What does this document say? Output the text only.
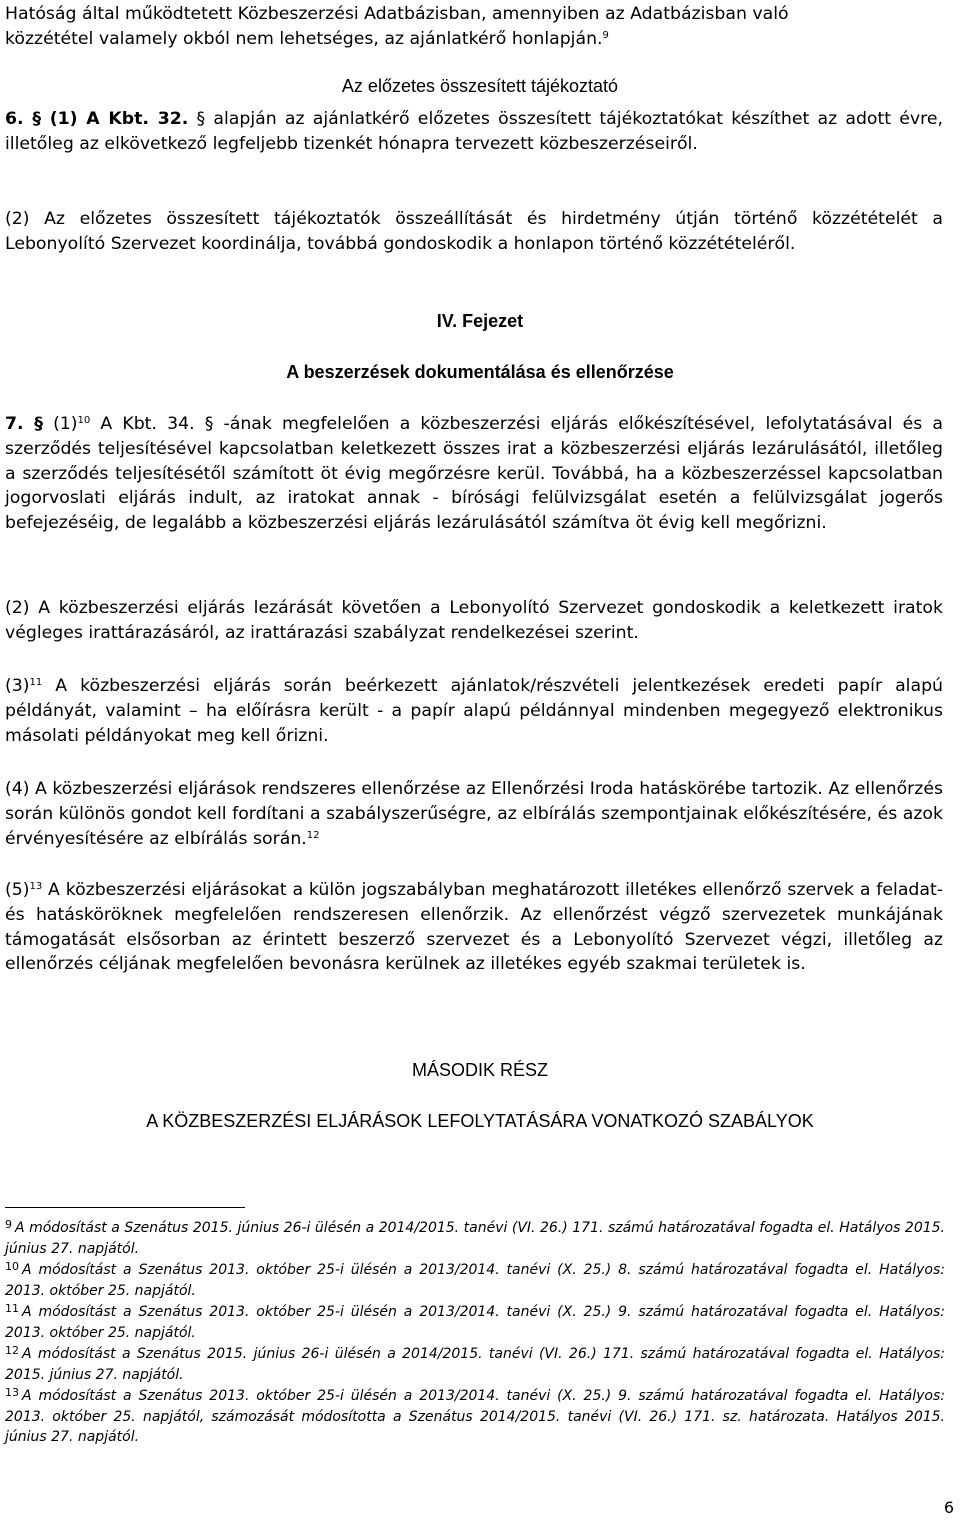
Hatóság által működtetett Közbeszerzési Adatbázisban, amennyiben az Adatbázisban való
közzététel valamely okból nem lehetséges, az ajánlatkérő honlapján.$^9$
Az előzetes összesített tájékoztató
6. § (1) A Kbt. 32. § alapján az ajánlatkérő előzetes összesített tájékoztatókat készíthet az adott évre, illetőleg az elkövetkező legfeljebb tizenkét hónapra tervezett közbeszerzéseiről.
(2) Az előzetes összesített tájékoztatók összeállítását és hirdetmény útján történő közzétételét a Lebonyolító Szervezet koordinálja, továbbá gondoskodik a honlapon történő közzétételéről.
IV. Fejezet
A beszerzések dokumentálása és ellenőrzése
7. § $(1)^{10}$ A Kbt. 34. § -ának megfelelően a közbeszerzési eljárás előkészítésével, lefolytatásával és a szerződés teljesítésével kapcsolatban keletkezett összes irat a közbeszerzési eljárás lezárulásától, illetőleg a szerződés teljesítésétől számított öt évig megőrzésre kerül. Továbbá, ha a közbeszerzéssel kapcsolatban jogorvoslati eljárás indult, az iratokat annak - bírósági felülvizsgálat esetén a felülvizsgálat jogerős befejezéséig, de legalább a közbeszerzési eljárás lezárulásától számítva öt évig kell megőrizni.
(2) A közbeszerzési eljárás lezárását követően a Lebonyolító Szervezet gondoskodik a keletkezett iratok végleges irattárazásáról, az irattárazási szabályzat rendelkezései szerint.
$(3)^{11}$ A közbeszerzési eljárás során beérkezett ajánlatok/részvételi jelentkezések eredeti papír alapú példányát, valamint – ha előírásra került - a papír alapú példánnyal mindenben megegyező elektronikus másolati példányokat meg kell őrizni.
(4) A közbeszerzési eljárások rendszeres ellenőrzése az Ellenőrzési Iroda hatáskörébe tartozik. Az ellenőrzés során különös gondot kell fordítani a szabályszerűségre, az elbírálás szempontjainak előkészítésére, és azok érvényesítésére az elbírálás során.$^{12}$
$(5)^{13}$ A közbeszerzési eljárásokat a külön jogszabályban meghatározott illetékes ellenőrző szervek a feladat- és hatásköröknek megfelelően rendszeresen ellenőrzik. Az ellenőrzést végző szervezetek munkájának támogatását elsősorban az érintett beszerző szervezet és a Lebonyolító Szervezet végzi, illetőleg az ellenőrzés céljának megfelelően bevonásra kerülnek az illetékes egyéb szakmai területek is.
MÁSODIK RÉSZ
A KÖZBESZERZÉSI ELJÁRÁSOK LEFOLYTATÁSÁRA VONATKOZÓ SZABÁLYOK
$^9$ A módosítást a Szenátus 2015. június 26-i ülésén a 2014/2015. tanévi (VI. 26.) 171. számú határozatával fogadta el. Hatályos 2015. június 27. napjától.
$^{10}$ A módosítást a Szenátus 2013. október 25-i ülésén a 2013/2014. tanévi (X. 25.) 8. számú határozatával fogadta el. Hatályos: 2013. október 25. napjától.
$^{11}$ A módosítást a Szenátus 2013. október 25-i ülésén a 2013/2014. tanévi (X. 25.) 9. számú határozatával fogadta el. Hatályos: 2013. október 25. napjától.
$^{12}$ A módosítást a Szenátus 2015. június 26-i ülésén a 2014/2015. tanévi (VI. 26.) 171. számú határozatával fogadta el. Hatályos: 2015. június 27. napjától.
$^{13}$ A módosítást a Szenátus 2013. október 25-i ülésén a 2013/2014. tanévi (X. 25.) 9. számú határozatával fogadta el. Hatályos: 2013. október 25. napjától, számozását módosította a Szenátus 2014/2015. tanévi (VI. 26.) 171. sz. határozata. Hatályos 2015. június 27. napjától.
6
